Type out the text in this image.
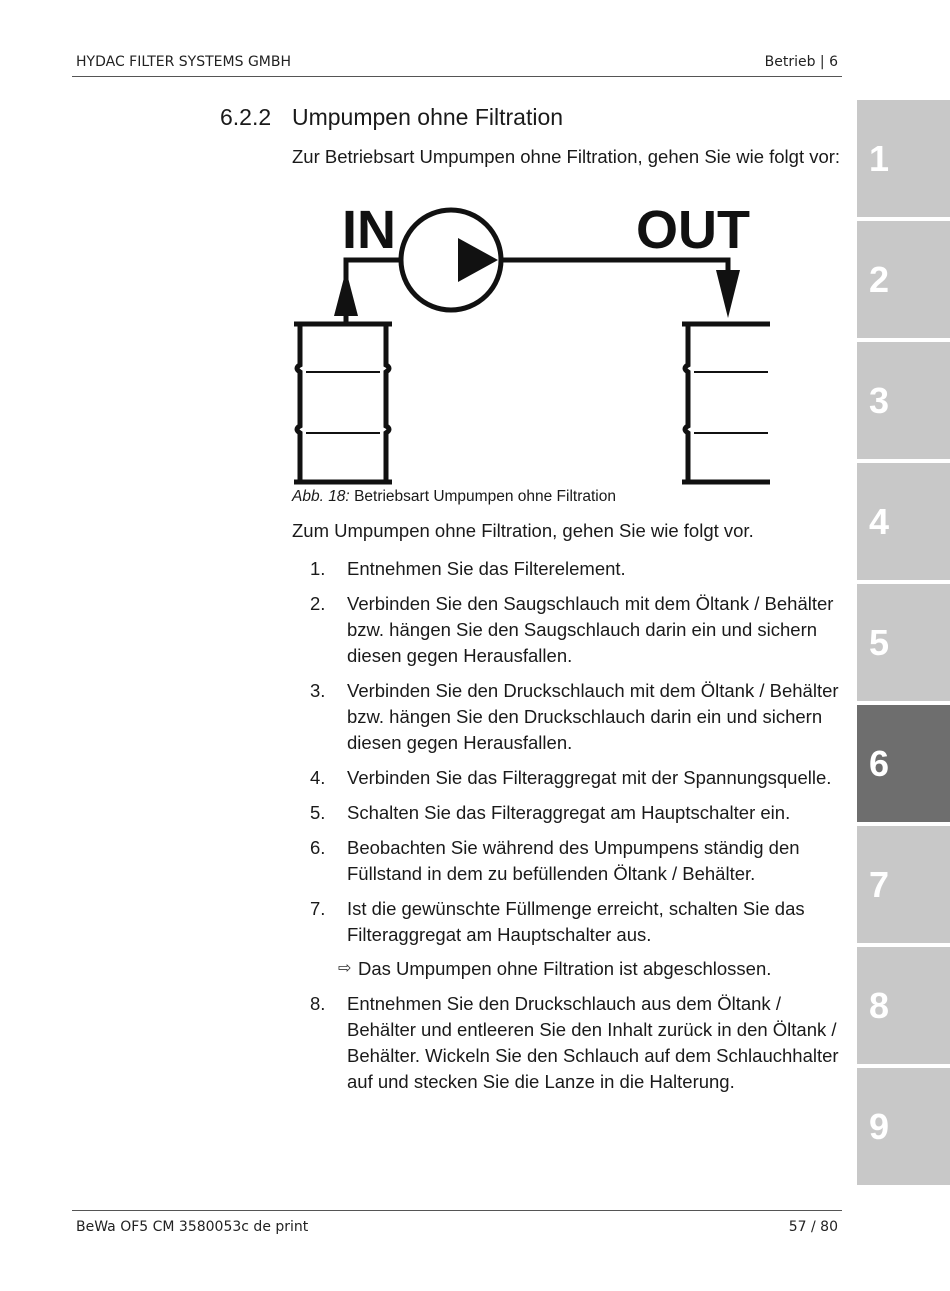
HYDAC FILTER SYSTEMS GMBH	Betrieb | 6
1
2
3
4
5
6
7
8
9
6.2.2 Umpumpen ohne Filtration
Zur Betriebsart Umpumpen ohne Filtration, gehen Sie wie folgt vor:
IN	OUT
Abb. 18: Betriebsart Umpumpen ohne Filtration
Zum Umpumpen ohne Filtration, gehen Sie wie folgt vor.
1.	Entnehmen Sie das Filterelement.
2.	Verbinden Sie den Saugschlauch mit dem Öltank / Behälter bzw. hängen Sie den Saugschlauch darin ein und sichern diesen gegen Herausfallen.
3.	Verbinden Sie den Druckschlauch mit dem Öltank / Behälter bzw. hängen Sie den Druckschlauch darin ein und sichern diesen gegen Herausfallen.
4.	Verbinden Sie das Filteraggregat mit der Spannungsquelle.
5.	Schalten Sie das Filteraggregat am Hauptschalter ein.
6.	Beobachten Sie während des Umpumpens ständig den Füllstand in dem zu befüllenden Öltank / Behälter.
7.	Ist die gewünschte Füllmenge erreicht, schalten Sie das Filteraggregat am Hauptschalter aus.
⇨ Das Umpumpen ohne Filtration ist abgeschlossen.
8.	Entnehmen Sie den Druckschlauch aus dem Öltank / Behälter und entleeren Sie den Inhalt zurück in den Öltank / Behälter. Wickeln Sie den Schlauch auf dem Schlauchhalter auf und stecken Sie die Lanze in die Halterung.
BeWa OF5 CM 3580053c de print	57 / 80
